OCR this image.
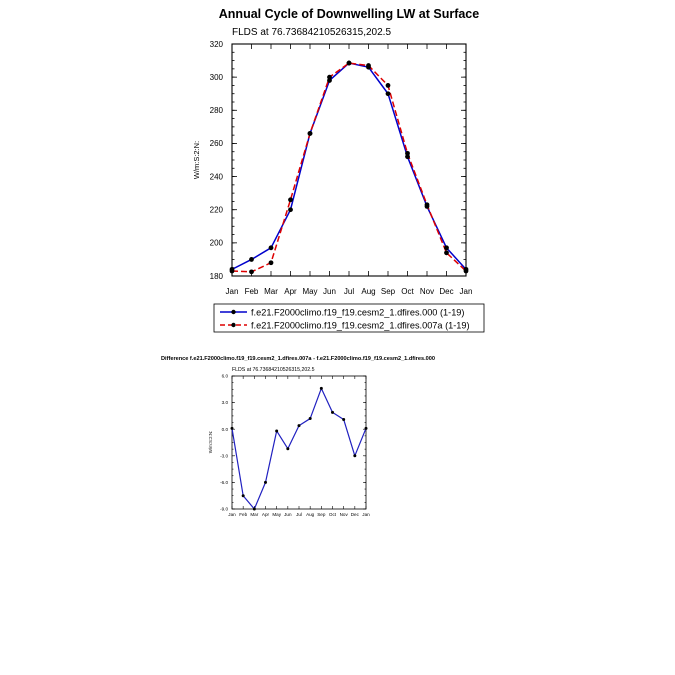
Annual Cycle of Downwelling LW at Surface
FLDS at 76.73684210526315,202.5
W/m:S:2:N:
Difference f.e21.F2000climo.f19_f19.cesm2_1.dfires.007a - f.e21.F2000climo.f19_f19.cesm2_1.dfires.000
FLDS at 76.73684210526315,202.5
W/m:S:2:N:
180
200
220
240
260
280
300
320
Jan Feb Mar Apr May Jun Jul Aug Sep Oct Nov Dec Jan
-9.0
-6.0
-3.0
0.0
3.0
6.0
Jan Feb Mar Apr May Jun Jul Aug Sep Oct Nov Dec Jan
f.e21.F2000climo.f19_f19.cesm2_1.dfires.000 (1-19)
f.e21.F2000climo.f19_f19.cesm2_1.dfires.007a (1-19)
